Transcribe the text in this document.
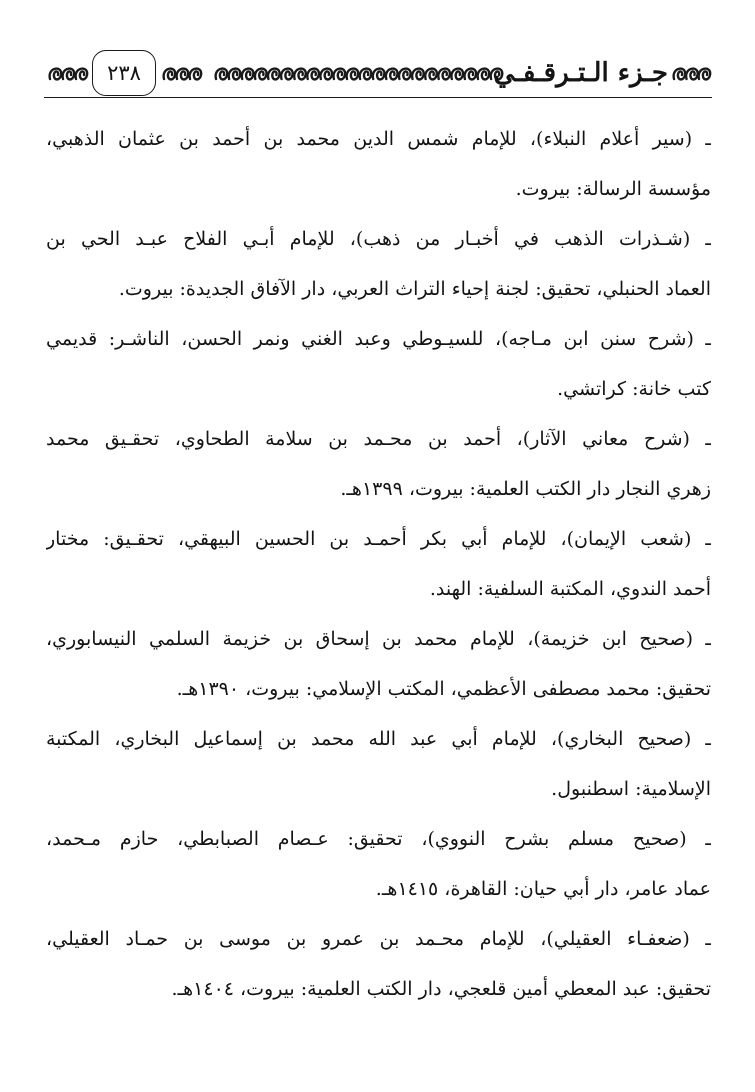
٢٣٨	جـزء الـتـرقـفـي
ـ (سير أعلام النبلاء)، للإمام شمس الدين محمد بن أحمد بن عثمان الذهبي،
مؤسسة الرسالة: بيروت.
ـ (شـذرات الذهب في أخبـار من ذهب)، للإمام أبـي الفلاح عبـد الحي بن
العماد الحنبلي، تحقيق: لجنة إحياء التراث العربي، دار الآفاق الجديدة: بيروت.
ـ (شرح سنن ابن مـاجه)، للسيـوطي وعبد الغني ونمر الحسن، الناشـر: قديمي
كتب خانة: كراتشي.
ـ (شرح معاني الآثار)، أحمد بن محـمد بن سلامة الطحاوي، تحقـيق محمد
زهري النجار دار الكتب العلمية: بيروت، ١٣٩٩هـ.
ـ (شعب الإيمان)، للإمام أبي بكر أحمـد بن الحسين البيهقي، تحقـيق: مختار
أحمد الندوي، المكتبة السلفية: الهند.
ـ (صحيح ابن خزيمة)، للإمام محمد بن إسحاق بن خزيمة السلمي النيسابوري،
تحقيق: محمد مصطفى الأعظمي، المكتب الإسلامي: بيروت، ١٣٩٠هـ.
ـ (صحيح البخاري)، للإمام أبي عبد الله محمد بن إسماعيل البخاري، المكتبة
الإسلامية: اسطنبول.
ـ (صحيح مسلم بشرح النووي)، تحقيق: عـصام الصبابطي، حازم مـحمد،
عماد عامر، دار أبي حيان: القاهرة، ١٤١٥هـ.
ـ (ضعفـاء العقيلي)، للإمام محـمد بن عمرو بن موسى بن حمـاد العقيلي،
تحقيق: عبد المعطي أمين قلعجي، دار الكتب العلمية: بيروت، ١٤٠٤هـ.
